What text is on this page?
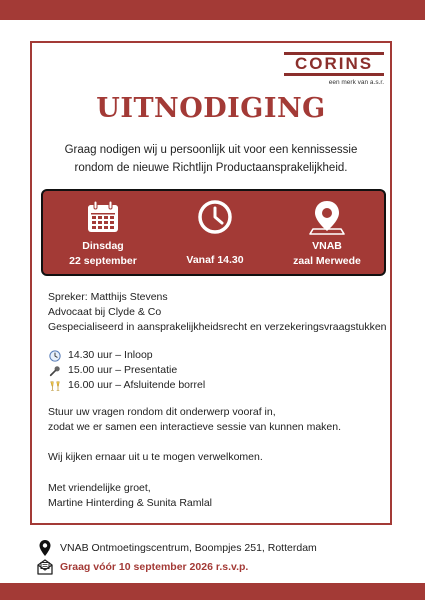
CORINS
een merk van a.s.r.
UITNODIGING
Graag nodigen wij u persoonlijk uit voor een kennissessie
rondom de nieuwe Richtlijn Productaansprakelijkheid.
Dinsdag
22 september	Vanaf 14.30
VNAB
zaal Merwede
Spreker: Matthijs Stevens
Advocaat bij Clyde & Co
Gespecialiseerd in aansprakelijkheidsrecht en verzekeringsvraagstukken
14.30 uur – Inloop
15.00 uur – Presentatie
16.00 uur – Afsluitende borrel
Stuur uw vragen rondom dit onderwerp vooraf in,
zodat we er samen een interactieve sessie van kunnen maken.
Wij kijken ernaar uit u te mogen verwelkomen.
Met vriendelijke groet,
Martine Hinterding & Sunita Ramlal
VNAB Ontmoetingscentrum, Boompjes 251, Rotterdam
Graag vóór 10 september 2026 r.s.v.p.
